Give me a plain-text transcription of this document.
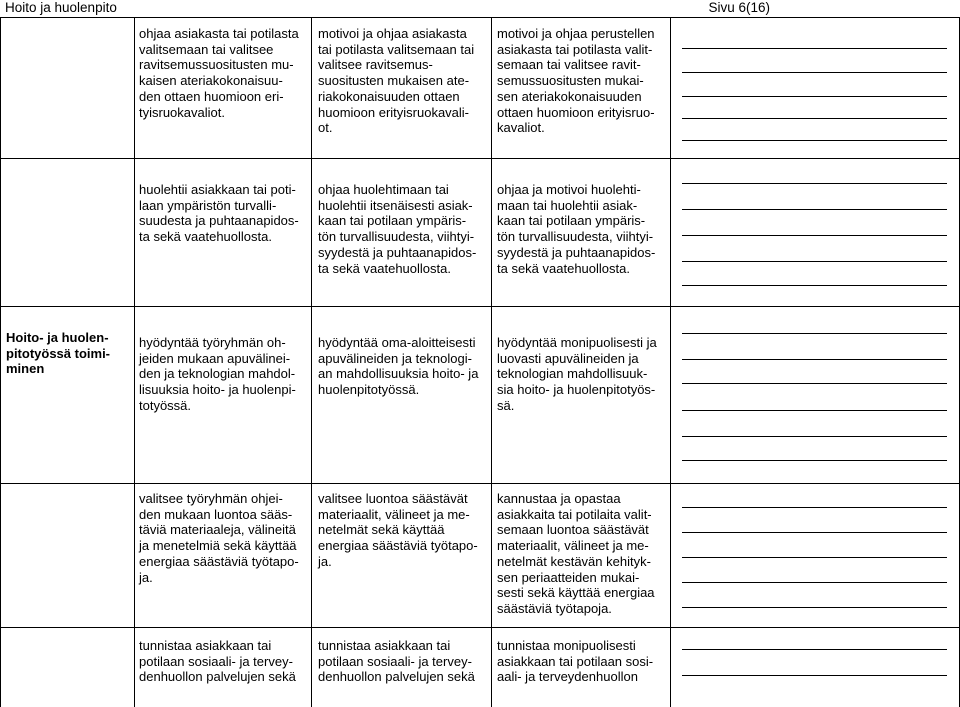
Hoito ja huolenpito	Sivu 6(16)
ohjaa asiakasta tai potilasta
valitsemaan tai valitsee
ravitsemussuositusten mu-
kaisen ateriakokonaisuu-
den ottaen huomioon eri-
tyisruokavaliot.
motivoi ja ohjaa asiakasta
tai potilasta valitsemaan tai
valitsee ravitsemus-
suositusten mukaisen ate-
riakokonaisuuden ottaen
huomioon erityisruokavali-
ot.
motivoi ja ohjaa perustellen
asiakasta tai potilasta valit-
semaan tai valitsee ravit-
semussuositusten mukai-
sen ateriakokonaisuuden
ottaen huomioon erityisruo-
kavaliot.
huolehtii asiakkaan tai poti-
laan ympäristön turvalli-
suudesta ja puhtaanapidos-
ta sekä vaatehuollosta.
ohjaa huolehtimaan tai
huolehtii itsenäisesti asiak-
kaan tai potilaan ympäris-
tön turvallisuudesta, viihtyi-
syydestä ja puhtaanapidos-
ta sekä vaatehuollosta.
ohjaa ja motivoi huolehti-
maan tai huolehtii asiak-
kaan tai potilaan ympäris-
tön turvallisuudesta, viihtyi-
syydestä ja puhtaanapidos-
ta sekä vaatehuollosta.
Hoito- ja huolen-
pitotyössä toimi-
minen
hyödyntää työryhmän oh-
jeiden mukaan apuvälinei-
den ja teknologian mahdol-
lisuuksia hoito- ja huolenpi-
totyössä.
hyödyntää oma-aloitteisesti
apuvälineiden ja teknologi-
an mahdollisuuksia hoito- ja
huolenpitotyössä.
hyödyntää monipuolisesti ja
luovasti apuvälineiden ja
teknologian mahdollisuuk-
sia hoito- ja huolenpitotyös-
sä.
valitsee työryhmän ohjei-
den mukaan luontoa sääs-
täviä materiaaleja, välineitä
ja menetelmiä sekä käyttää
energiaa säästäviä työtapo-
ja.
valitsee luontoa säästävät
materiaalit, välineet ja me-
netelmät sekä käyttää
energiaa säästäviä työtapo-
ja.
kannustaa ja opastaa
asiakkaita tai potilaita valit-
semaan luontoa säästävät
materiaalit, välineet ja me-
netelmät kestävän kehityk-
sen periaatteiden mukai-
sesti sekä käyttää energiaa
säästäviä työtapoja.
tunnistaa asiakkaan tai
potilaan sosiaali- ja tervey-
denhuollon palvelujen sekä
tunnistaa asiakkaan tai
potilaan sosiaali- ja tervey-
denhuollon palvelujen sekä
tunnistaa monipuolisesti
asiakkaan tai potilaan sosi-
aali- ja terveydenhuollon
